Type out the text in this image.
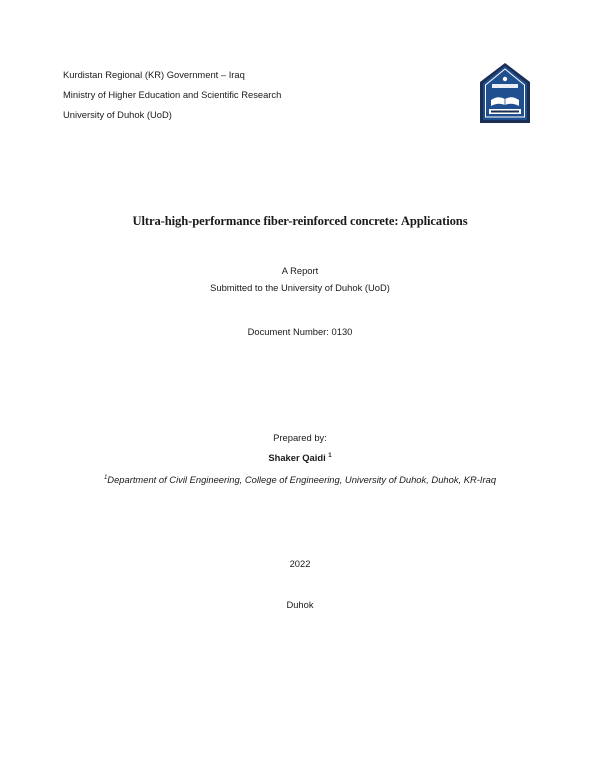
Kurdistan Regional (KR) Government – Iraq
Ministry of Higher Education and Scientific Research
University of Duhok (UoD)
Ultra-high-performance fiber-reinforced concrete: Applications
A Report
Submitted to the University of Duhok (UoD)
Document Number: 0130
Prepared by:
Shaker Qaidi $^1$
$^1$Department of Civil Engineering, College of Engineering, University of Duhok, Duhok, KR-Iraq
2022
Duhok
